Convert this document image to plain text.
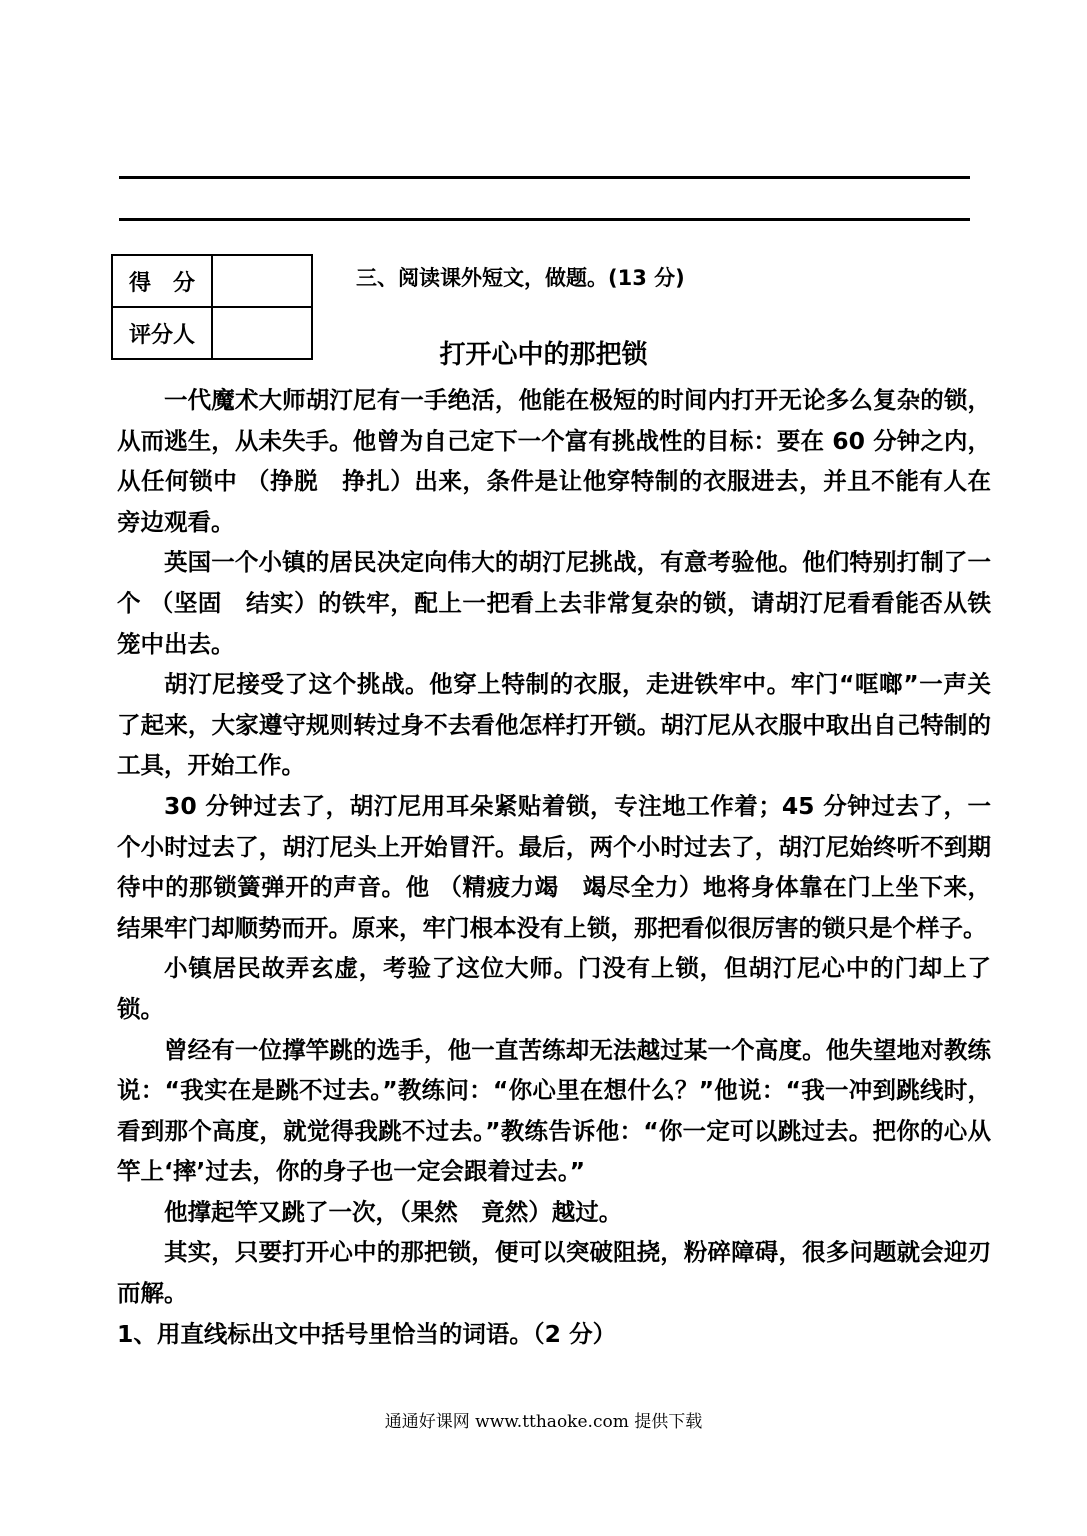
得　分	
评分人	
三、阅读课外短文，做题。(13 分)
打开心中的那把锁

一代魔术大师胡汀尼有一手绝活，他能在极短的时间内打开无论多么复杂的锁，从而逃生，从未失手。他曾为自己定下一个富有挑战性的目标：要在 60 分钟之内，从任何锁中 （挣脱　挣扎）出来，条件是让他穿特制的衣服进去，并且不能有人在旁边观看。

英国一个小镇的居民决定向伟大的胡汀尼挑战，有意考验他。他们特别打制了一个 （坚固　结实）的铁牢，配上一把看上去非常复杂的锁，请胡汀尼看看能否从铁笼中出去。

胡汀尼接受了这个挑战。他穿上特制的衣服，走进铁牢中。牢门“哐啷”一声关了起来，大家遵守规则转过身不去看他怎样打开锁。胡汀尼从衣服中取出自己特制的工具，开始工作。

30 分钟过去了，胡汀尼用耳朵紧贴着锁，专注地工作着；45 分钟过去了，一个小时过去了，胡汀尼头上开始冒汗。最后，两个小时过去了，胡汀尼始终听不到期待中的那锁簧弹开的声音。他 （精疲力竭　竭尽全力）地将身体靠在门上坐下来，结果牢门却顺势而开。原来，牢门根本没有上锁，那把看似很厉害的锁只是个样子。

小镇居民故弄玄虚，考验了这位大师。门没有上锁，但胡汀尼心中的门却上了锁。

曾经有一位撑竿跳的选手，他一直苦练却无法越过某一个高度。他失望地对教练说：“我实在是跳不过去。”教练问：“你心里在想什么？”他说：“我一冲到跳线时，看到那个高度，就觉得我跳不过去。”教练告诉他：“你一定可以跳过去。把你的心从竿上‘摔’过去，你的身子也一定会跟着过去。”

他撑起竿又跳了一次，（果然　竟然）越过。

其实，只要打开心中的那把锁，便可以突破阻挠，粉碎障碍，很多问题就会迎刃而解。

1、用直线标出文中括号里恰当的词语。（2 分）

通通好课网 www.tthaoke.com 提供下载
